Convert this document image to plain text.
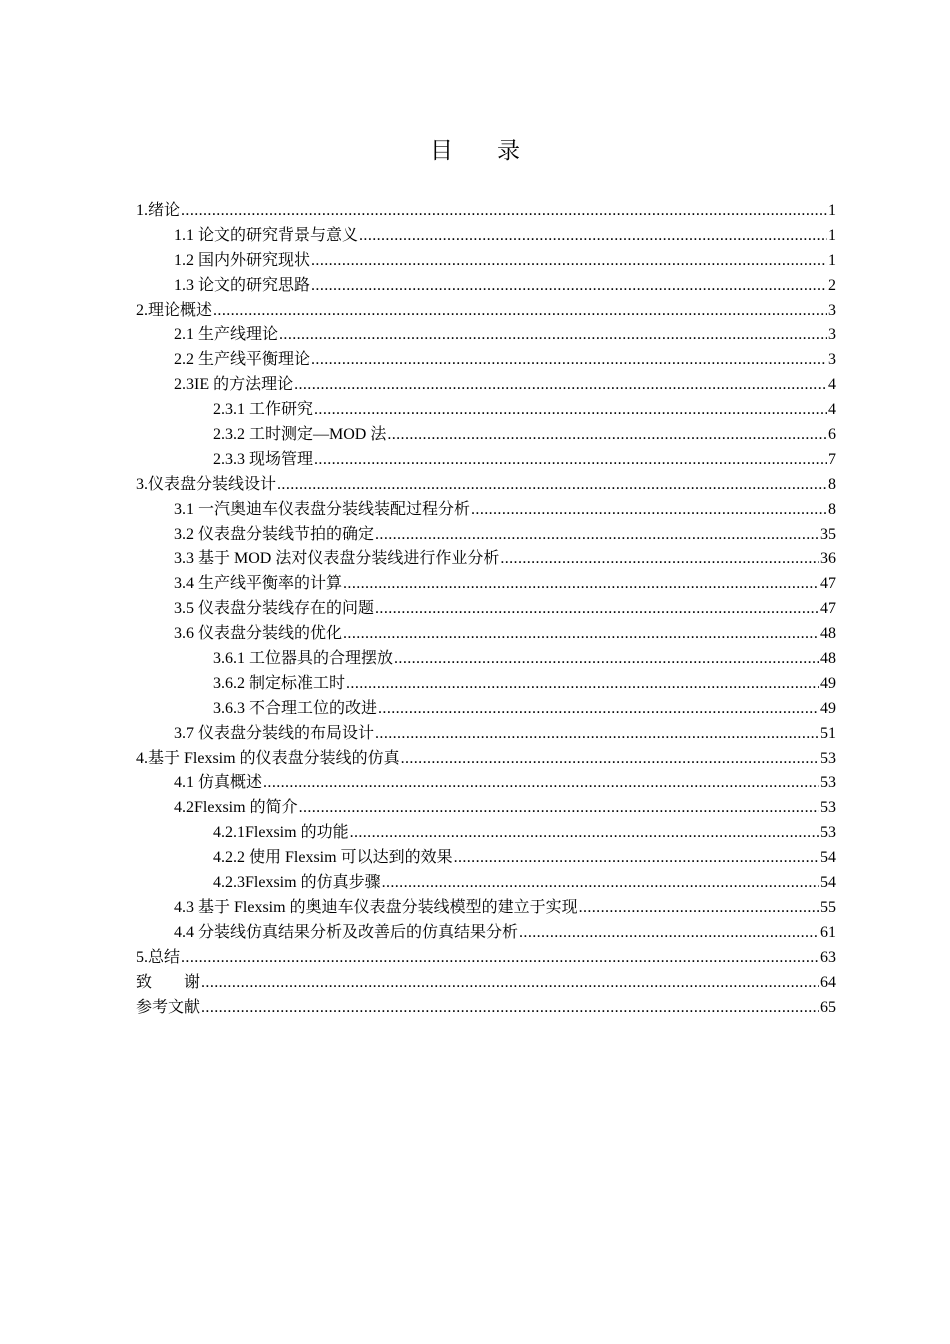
目录
1.绪论 .....	1
1.1 论文的研究背景与意义 .....	1
1.2 国内外研究现状 .....	1
1.3 论文的研究思路 .....	2
2.理论概述 .....	3
2.1 生产线理论 .....	3
2.2 生产线平衡理论 .....	3
2.3IE 的方法理论 .....	4
2.3.1 工作研究 .....	4
2.3.2 工时测定—MOD 法 .....	6
2.3.3 现场管理 .....	7
3.仪表盘分装线设计 .....	8
3.1 一汽奥迪车仪表盘分装线装配过程分析 .....	8
3.2 仪表盘分装线节拍的确定 .....	35
3.3 基于 MOD 法对仪表盘分装线进行作业分析 .....	36
3.4 生产线平衡率的计算 .....	47
3.5 仪表盘分装线存在的问题 .....	47
3.6 仪表盘分装线的优化 .....	48
3.6.1 工位器具的合理摆放 .....	48
3.6.2 制定标准工时 .....	49
3.6.3 不合理工位的改进 .....	49
3.7 仪表盘分装线的布局设计 .....	51
4.基于 Flexsim 的仪表盘分装线的仿真 .....	53
4.1 仿真概述 .....	53
4.2Flexsim 的简介 .....	53
4.2.1Flexsim 的功能 .....	53
4.2.2 使用 Flexsim 可以达到的效果 .....	54
4.2.3Flexsim 的仿真步骤 .....	54
4.3 基于 Flexsim 的奥迪车仪表盘分装线模型的建立于实现 .....	55
4.4 分装线仿真结果分析及改善后的仿真结果分析 .....	61
5.总结 .....	63
致　　谢 .....	64
参考文献 .....	65
